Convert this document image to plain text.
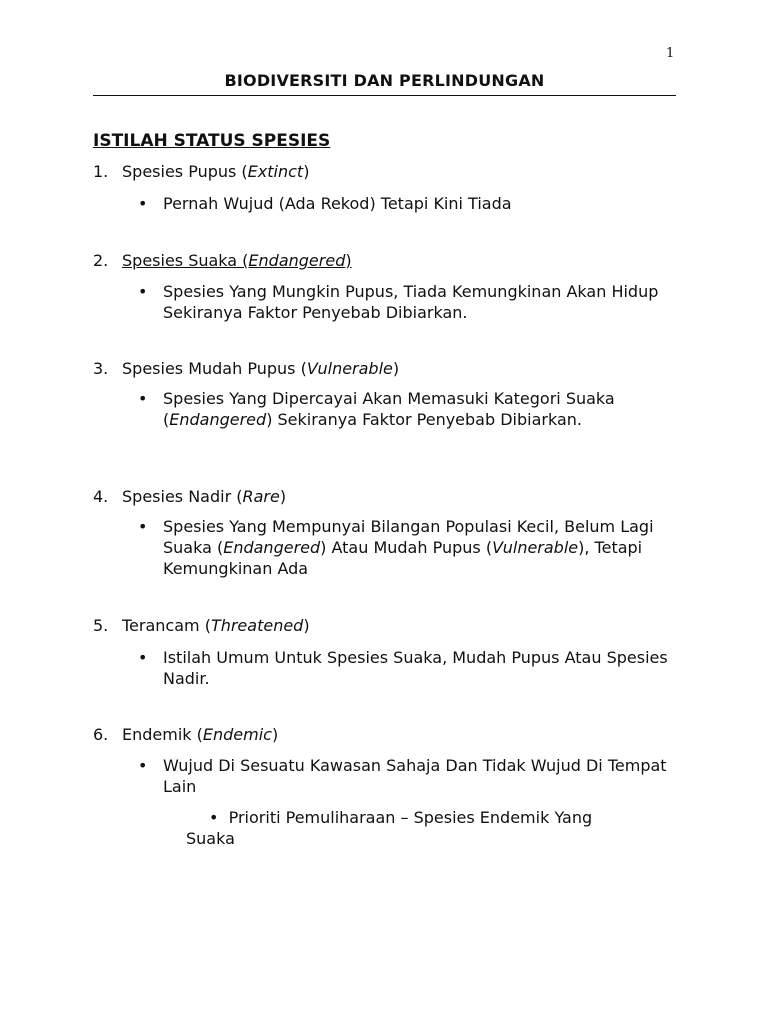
1
BIODIVERSITI DAN PERLINDUNGAN
ISTILAH STATUS SPESIES
1. Spesies Pupus (Extinct)
• Pernah Wujud (Ada Rekod) Tetapi Kini Tiada
2. Spesies Suaka (Endangered)
• Spesies Yang Mungkin Pupus, Tiada Kemungkinan Akan Hidup Sekiranya Faktor Penyebab Dibiarkan.
3. Spesies Mudah Pupus (Vulnerable)
• Spesies Yang Dipercayai Akan Memasuki Kategori Suaka (Endangered) Sekiranya Faktor Penyebab Dibiarkan.
4. Spesies Nadir (Rare)
• Spesies Yang Mempunyai Bilangan Populasi Kecil, Belum Lagi Suaka (Endangered) Atau Mudah Pupus (Vulnerable), Tetapi Kemungkinan Ada
5. Terancam (Threatened)
• Istilah Umum Untuk Spesies Suaka, Mudah Pupus Atau Spesies Nadir.
6. Endemik (Endemic)
• Wujud Di Sesuatu Kawasan Sahaja Dan Tidak Wujud Di Tempat Lain
• Prioriti Pemuliharaan – Spesies Endemik Yang Suaka
